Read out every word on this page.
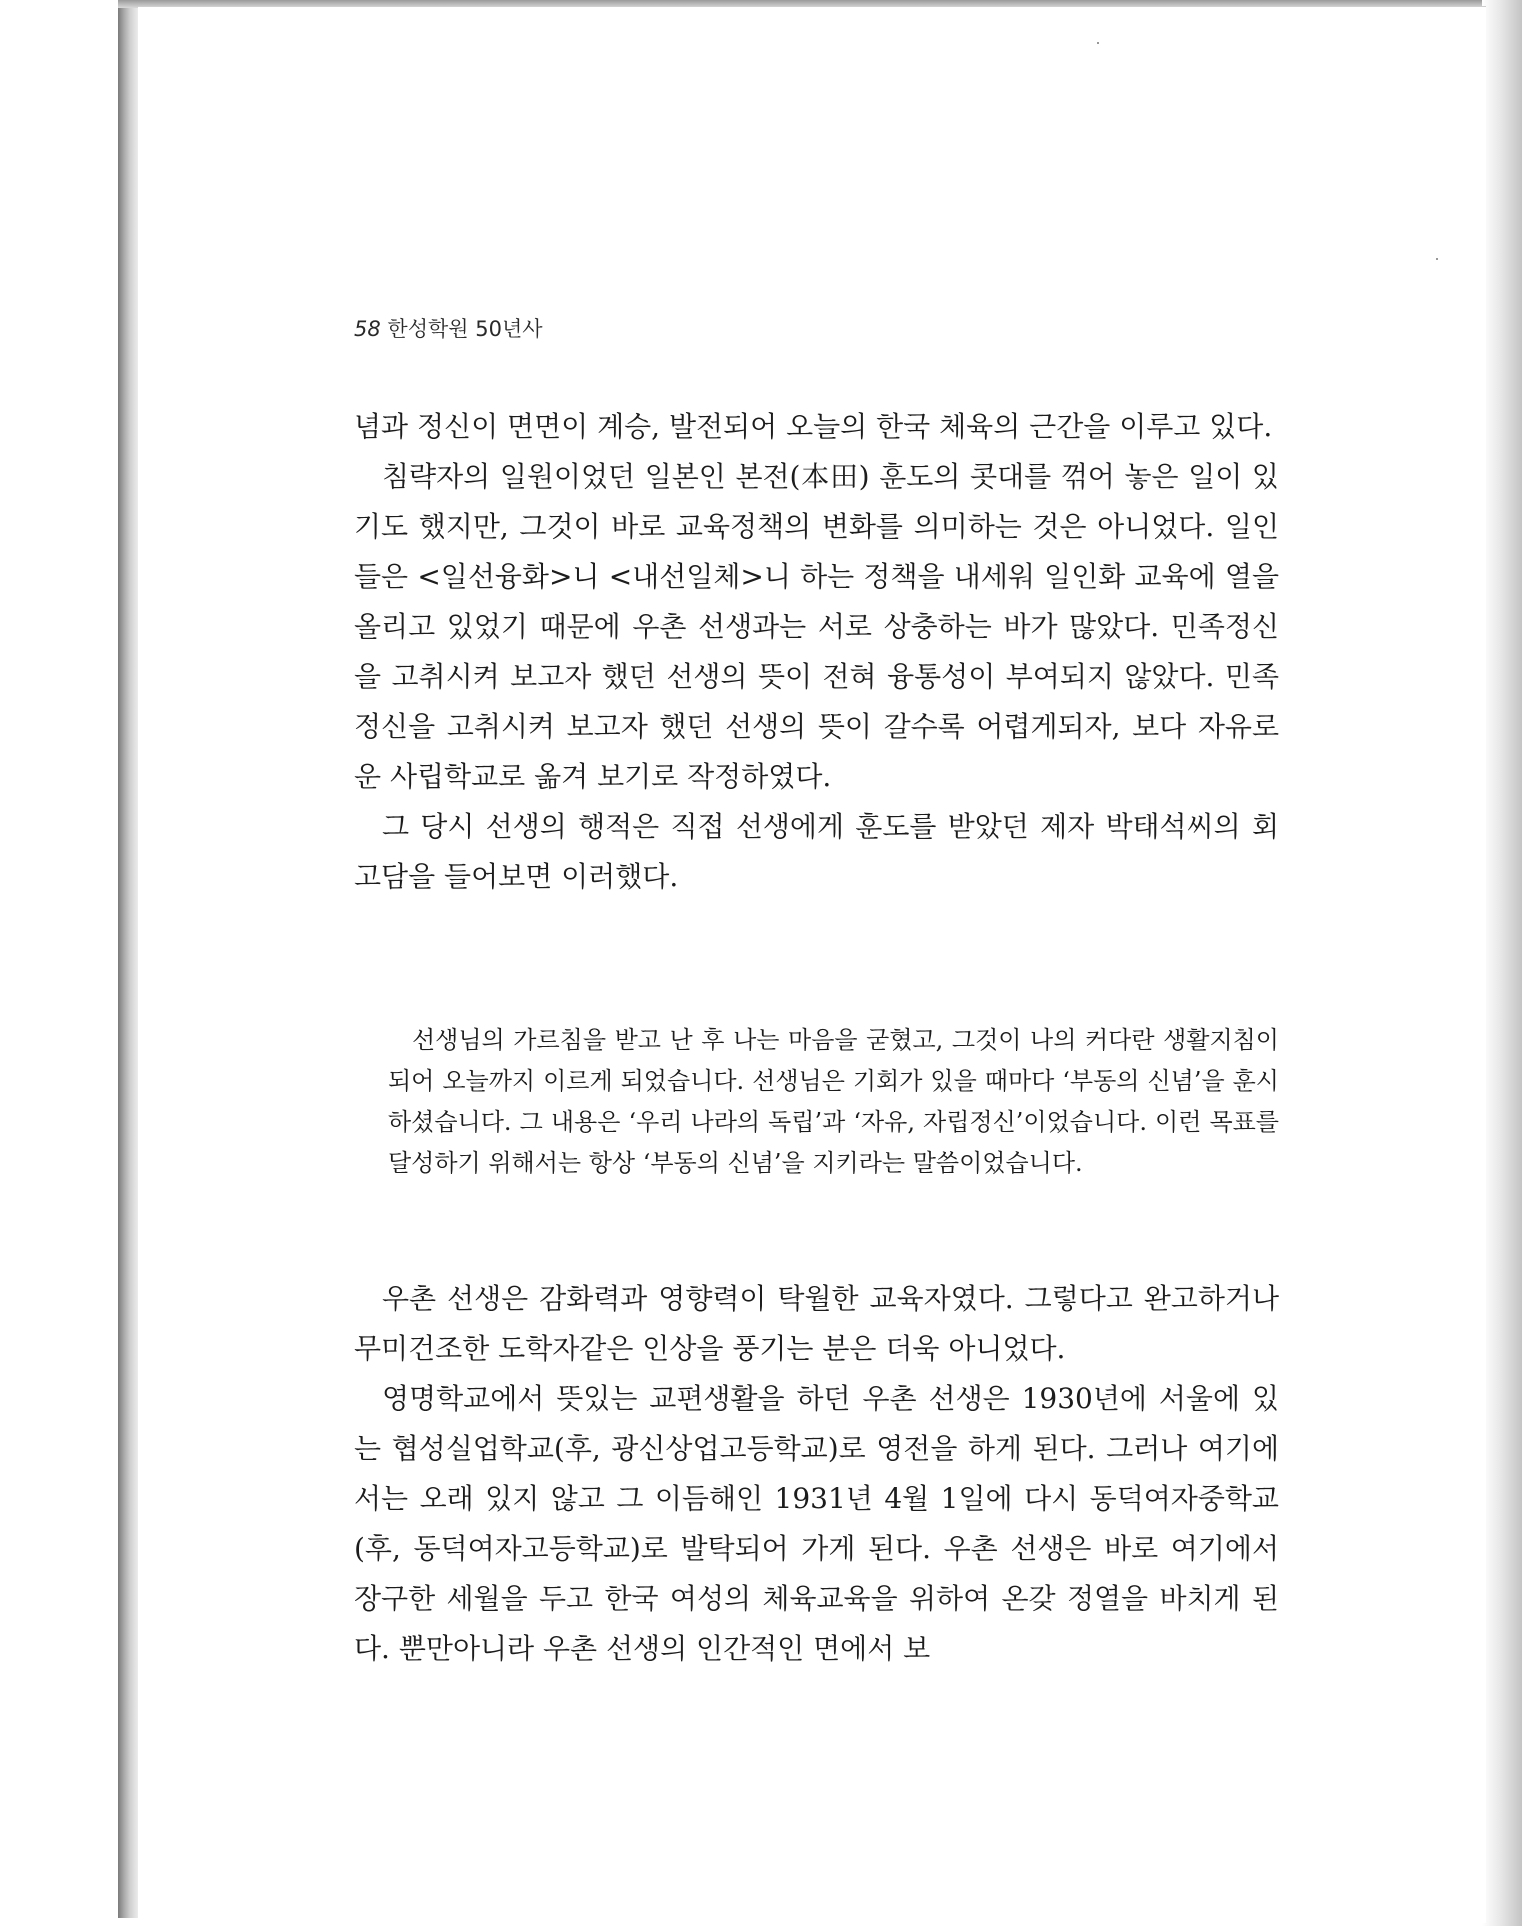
58 한성학원 50년사

념과 정신이 면면이 계승, 발전되어 오늘의 한국 체육의 근간을 이루고 있다.

침략자의 일원이었던 일본인 본전(本田) 훈도의 콧대를 꺾어 놓은 일이 있기도 했지만, 그것이 바로 교육정책의 변화를 의미하는 것은 아니었다. 일인들은 <일선융화>니 <내선일체>니 하는 정책을 내세워 일인화 교육에 열을 올리고 있었기 때문에 우촌 선생과는 서로 상충하는 바가 많았다. 민족정신을 고취시켜 보고자 했던 선생의 뜻이 전혀 융통성이 부여되지 않았다. 민족정신을 고취시켜 보고자 했던 선생의 뜻이 갈수록 어렵게되자, 보다 자유로운 사립학교로 옮겨 보기로 작정하였다.

그 당시 선생의 행적은 직접 선생에게 훈도를 받았던 제자 박태석씨의 회고담을 들어보면 이러했다.

선생님의 가르침을 받고 난 후 나는 마음을 굳혔고, 그것이 나의 커다란 생활지침이 되어 오늘까지 이르게 되었습니다. 선생님은 기회가 있을 때마다 ‘부동의 신념’을 훈시하셨습니다. 그 내용은 ‘우리 나라의 독립’과 ‘자유, 자립정신’이었습니다. 이런 목표를 달성하기 위해서는 항상 ‘부동의 신념’을 지키라는 말씀이었습니다.

우촌 선생은 감화력과 영향력이 탁월한 교육자였다. 그렇다고 완고하거나 무미건조한 도학자같은 인상을 풍기는 분은 더욱 아니었다.

영명학교에서 뜻있는 교편생활을 하던 우촌 선생은 1930년에 서울에 있는 협성실업학교(후, 광신상업고등학교)로 영전을 하게 된다. 그러나 여기에서는 오래 있지 않고 그 이듬해인 1931년 4월 1일에 다시 동덕여자중학교(후, 동덕여자고등학교)로 발탁되어 가게 된다. 우촌 선생은 바로 여기에서 장구한 세월을 두고 한국 여성의 체육교육을 위하여 온갖 정열을 바치게 된다. 뿐만아니라 우촌 선생의 인간적인 면에서 보
